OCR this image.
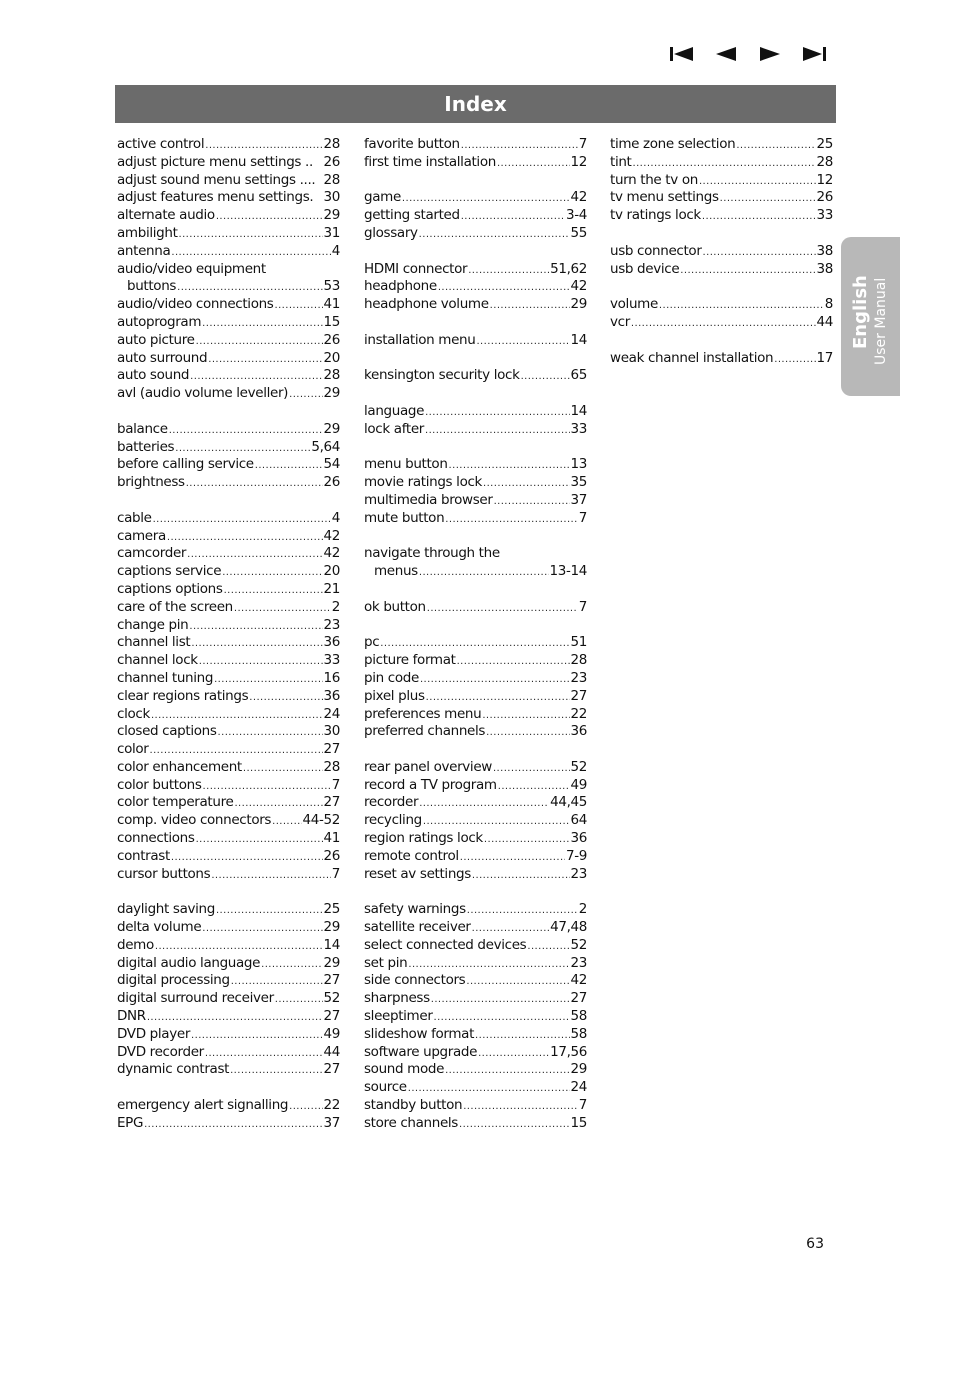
Index
English User Manual
active control .....	28
adjust picture menu settings .. 26
adjust sound menu settings .... 28
adjust features menu settings. 30
alternate audio .....	29
ambilight .....	31
antenna .....	4
audio/video equipment
buttons .....	53
audio/video connections .....	41
autoprogram .....	15
auto picture .....	26
auto surround .....	20
auto sound .....	28
avl (audio volume leveller) .....	29
balance .....	29
batteries .....	5,64
before calling service .....	54
brightness .....	26
cable .....	4
camera .....	42
camcorder .....	42
captions service .....	20
captions options .....	21
care of the screen .....	2
change pin .....	23
channel list .....	36
channel lock .....	33
channel tuning .....	16
clear regions ratings .....	36
clock .....	24
closed captions .....	30
color .....	27
color enhancement .....	28
color buttons .....	7
color temperature .....	27
comp. video connectors ..... 44-52
connections .....	41
contrast .....	26
cursor buttons .....	7
daylight saving .....	25
delta volume .....	29
demo .....	14
digital audio language .....	29
digital processing .....	27
digital surround receiver .....	52
DNR .....	27
DVD player .....	49
DVD recorder .....	44
dynamic contrast .....	27
emergency alert signalling .....	22
EPG .....	37
favorite button .....	7
first time installation .....	12
game .....	42
getting started .....	3-4
glossary .....	55
HDMI connector .....	51,62
headphone .....	42
headphone volume .....	29
installation menu .....	14
kensington security lock .....	65
language .....	14
lock after .....	33
menu button .....	13
movie ratings lock .....	35
multimedia browser .....	37
mute button .....	7
navigate through the
menus .....	13-14
ok button .....	7
pc .....	51
picture format .....	28
pin code .....	23
pixel plus .....	27
preferences menu .....	22
preferred channels .....	36
rear panel overview .....	52
record a TV program .....	49
recorder .....	44,45
recycling .....	64
region ratings lock .....	36
remote control .....	7-9
reset av settings .....	23
safety warnings .....	2
satellite receiver .....	47,48
select connected devices .....	52
set pin .....	23
side connectors .....	42
sharpness .....	27
sleeptimer .....	58
slideshow format .....	58
software upgrade .....	17,56
sound mode .....	29
source .....	24
standby button .....	7
store channels .....	15
time zone selection .....	25
tint .....	28
turn the tv on .....	12
tv menu settings .....	26
tv ratings lock .....	33
usb connector .....	38
usb device .....	38
volume .....	8
vcr .....	44
weak channel installation .....	17
63
